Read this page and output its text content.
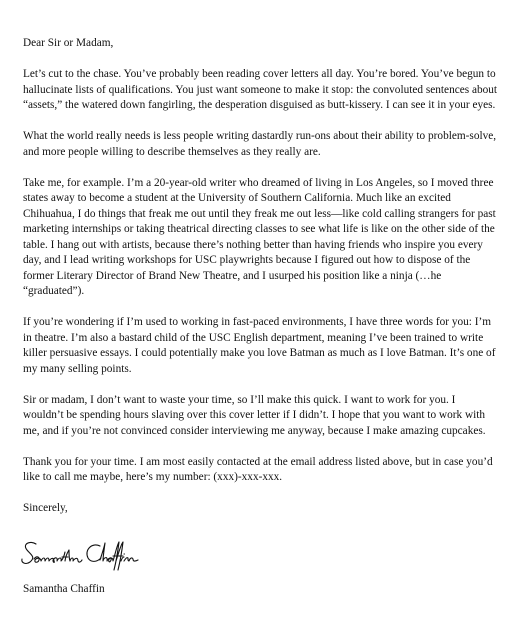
Dear Sir or Madam,

Let’s cut to the chase. You’ve probably been reading cover letters all day. You’re bored. You’ve begun to hallucinate lists of qualifications. You just want someone to make it stop: the convoluted sentences about “assets,” the watered down fangirling, the desperation disguised as butt-kissery. I can see it in your eyes.

What the world really needs is less people writing dastardly run-ons about their ability to problem-solve, and more people willing to describe themselves as they really are.

Take me, for example. I’m a 20-year-old writer who dreamed of living in Los Angeles, so I moved three states away to become a student at the University of Southern California. Much like an excited Chihuahua, I do things that freak me out until they freak me out less—like cold calling strangers for past marketing internships or taking theatrical directing classes to see what life is like on the other side of the table. I hang out with artists, because there’s nothing better than having friends who inspire you every day, and I lead writing workshops for USC playwrights because I figured out how to dispose of the former Literary Director of Brand New Theatre, and I usurped his position like a ninja (…he “graduated”).

If you’re wondering if I’m used to working in fast-paced environments, I have three words for you: I’m in theatre. I’m also a bastard child of the USC English department, meaning I’ve been trained to write killer persuasive essays. I could potentially make you love Batman as much as I love Batman. It’s one of my many selling points.

Sir or madam, I don’t want to waste your time, so I’ll make this quick. I want to work for you. I wouldn’t be spending hours slaving over this cover letter if I didn’t. I hope that you want to work with me, and if you’re not convinced consider interviewing me anyway, because I make amazing cupcakes.

Thank you for your time. I am most easily contacted at the email address listed above, but in case you’d like to call me maybe, here’s my number: (xxx)-xxx-xxx.

Sincerely,

Samantha Chaffin
